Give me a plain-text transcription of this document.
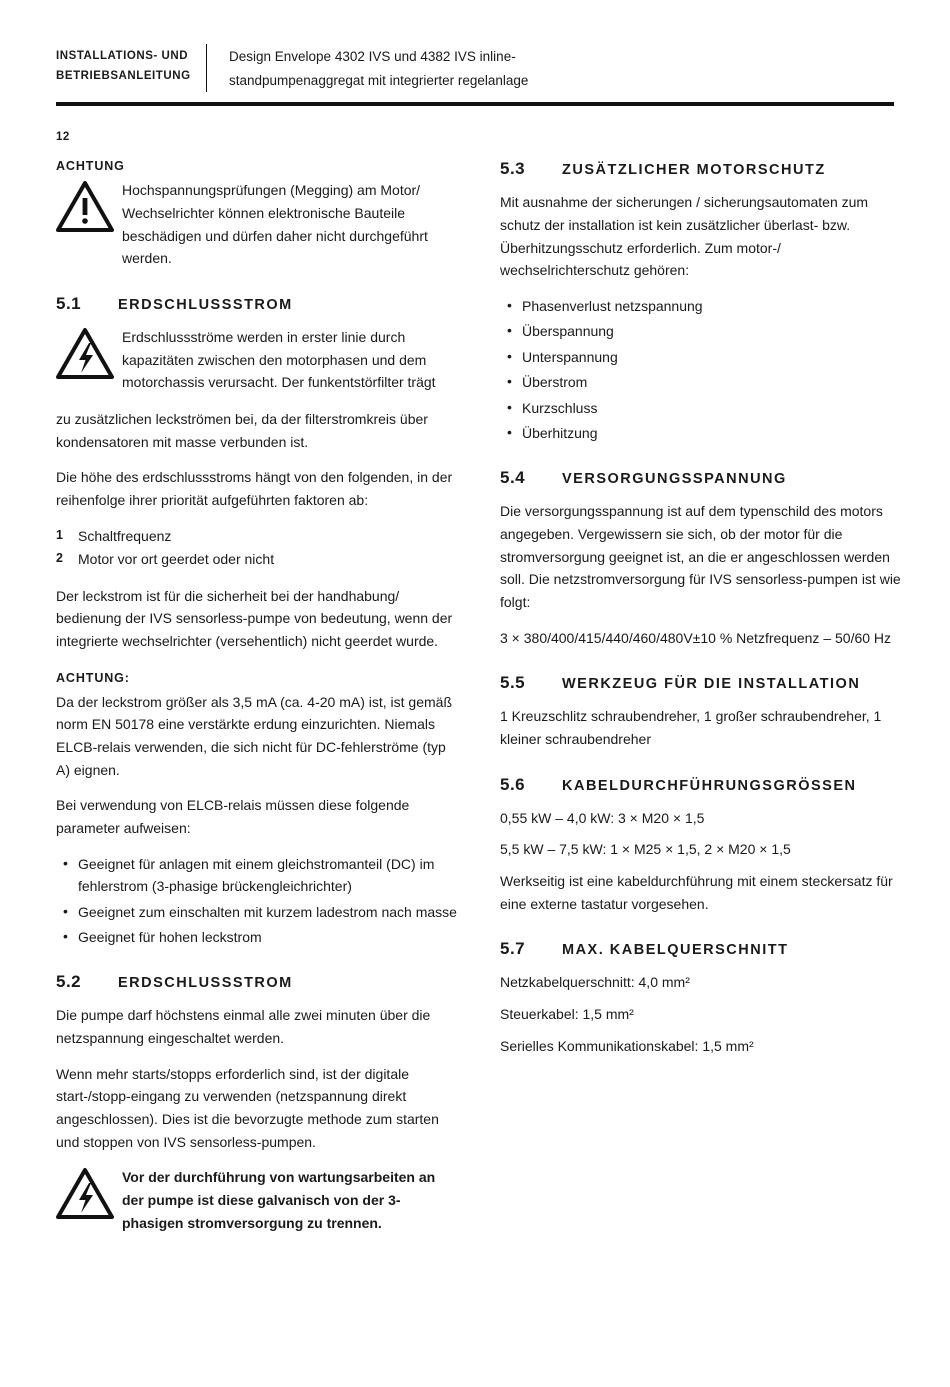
INSTALLATIONS- UND
BETRIEBSANLEITUNG
Design Envelope 4302 IVS und 4382 IVS inline-
standpumpenaggregat mit integrierter regelanlage
12
ACHTUNG
Hochspannungsprüfungen (Megging) am Motor/ Wechselrichter können elektronische Bauteile beschädigen und dürfen daher nicht durchgeführt werden.
5.1	ERDSCHLUSSSTROM
Erdschlussströme werden in erster linie durch kapazitäten zwischen den motorphasen und dem motorchassis verursacht. Der funkentstörfilter trägt
zu zusätzlichen leckströmen bei, da der filterstromkreis über kondensatoren mit masse verbunden ist.

Die höhe des erdschlussstroms hängt von den folgenden, in der reihenfolge ihrer priorität aufgeführten faktoren ab:

1 Schaltfrequenz
2 Motor vor ort geerdet oder nicht

Der leckstrom ist für die sicherheit bei der handhabung/ bedienung der IVS sensorless-pumpe von bedeutung, wenn der integrierte wechselrichter (versehentlich) nicht geerdet wurde.

ACHTUNG:

Da der leckstrom größer als 3,5 mA (ca. 4-20 mA) ist, ist gemäß norm EN 50178 eine verstärkte erdung einzurichten. Niemals ELCB-relais verwenden, die sich nicht für DC-fehlerströme (typ A) eignen.

Bei verwendung von ELCB-relais müssen diese folgende parameter aufweisen:

• Geeignet für anlagen mit einem gleichstromanteil (DC) im fehlerstrom (3-phasige brückengleichrichter)
• Geeignet zum einschalten mit kurzem ladestrom nach masse
• Geeignet für hohen leckstrom
5.2	ERDSCHLUSSSTROM

Die pumpe darf höchstens einmal alle zwei minuten über die netzspannung eingeschaltet werden.

Wenn mehr starts/stopps erforderlich sind, ist der digitale start-/stopp-eingang zu verwenden (netzspannung direkt angeschlossen). Dies ist die bevorzugte methode zum starten und stoppen von IVS sensorless-pumpen.

Vor der durchführung von wartungsarbeiten an der pumpe ist diese galvanisch von der 3-phasigen stromversorgung zu trennen.
5.3	ZUSÄTZLICHER MOTORSCHUTZ

Mit ausnahme der sicherungen / sicherungsautomaten zum schutz der installation ist kein zusätzlicher überlast- bzw. Überhitzungsschutz erforderlich. Zum motor-/ wechselrichterschutz gehören:

• Phasenverlust netzspannung
• Überspannung
• Unterspannung
• Überstrom
• Kurzschluss
• Überhitzung
5.4	VERSORGUNGSSPANNUNG

Die versorgungsspannung ist auf dem typenschild des motors angegeben. Vergewissern sie sich, ob der motor für die stromversorgung geeignet ist, an die er angeschlossen werden soll. Die netzstromversorgung für IVS sensorless-pumpen ist wie folgt:

3 × 380/400/415/440/460/480V±10 % Netzfrequenz – 50/60 Hz

5.5	WERKZEUG FÜR DIE INSTALLATION

1 Kreuzschlitz schraubendreher, 1 großer schraubendreher, 1 kleiner schraubendreher

5.6	KABELDURCHFÜHRUNGSGRÖSSEN

0,55 kW – 4,0 kW: 3 × M20 × 1,5

5,5 kW – 7,5 kW: 1 × M25 × 1,5, 2 × M20 × 1,5

Werkseitig ist eine kabeldurchführung mit einem steckersatz für eine externe tastatur vorgesehen.

5.7	MAX. KABELQUERSCHNITT

Netzkabelquerschnitt: 4,0 mm²

Steuerkabel: 1,5 mm²

Serielles Kommunikationskabel: 1,5 mm²
